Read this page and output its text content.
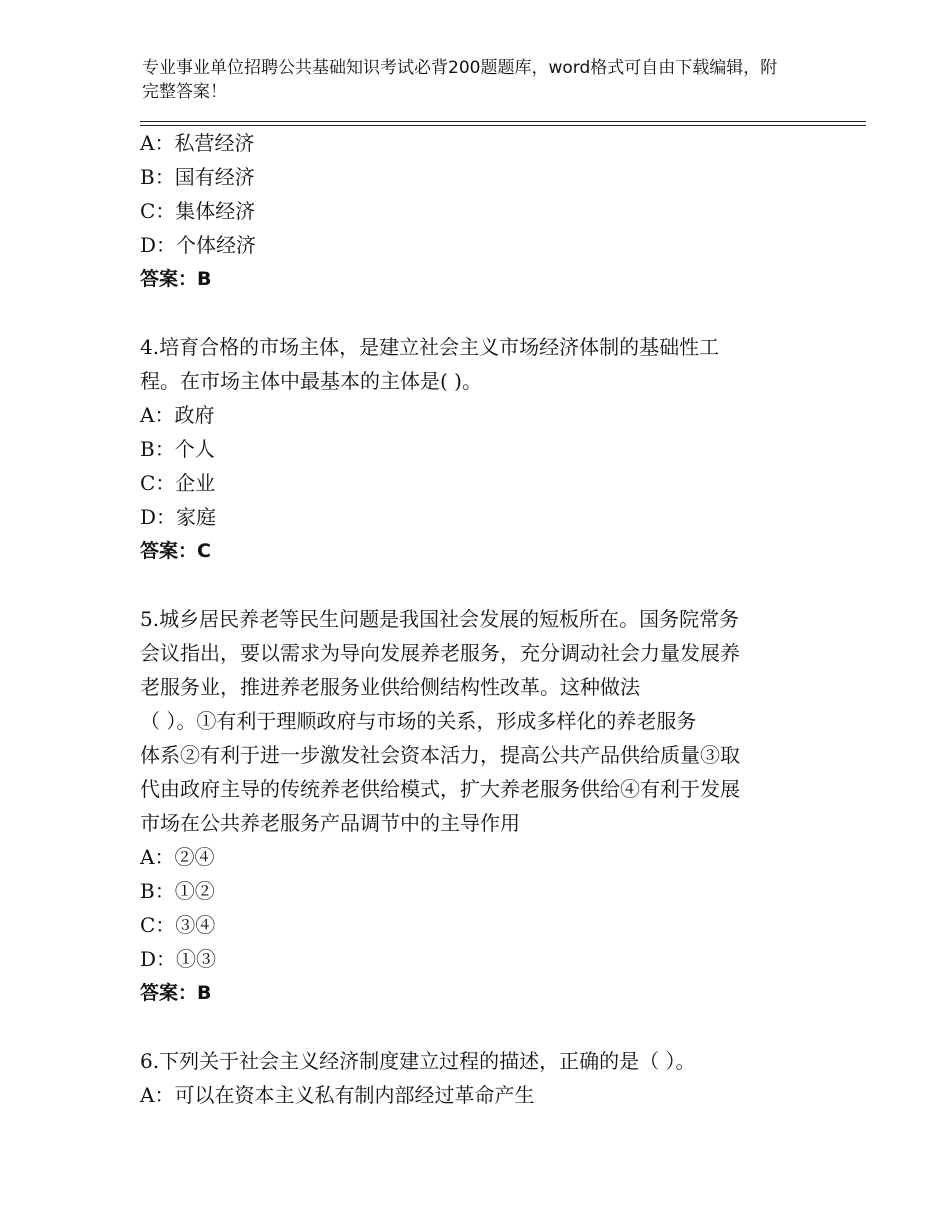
专业事业单位招聘公共基础知识考试必背200题题库，word格式可自由下载编辑，附完整答案！
A：私营经济
B：国有经济
C：集体经济
D：个体经济
答案：B
4.培育合格的市场主体，是建立社会主义市场经济体制的基础性工
程。在市场主体中最基本的主体是( )。
A：政府
B：个人
C：企业
D：家庭
答案：C
5.城乡居民养老等民生问题是我国社会发展的短板所在。国务院常务
会议指出，要以需求为导向发展养老服务，充分调动社会力量发展养
老服务业，推进养老服务业供给侧结构性改革。这种做法
（ ）。①有利于理顺政府与市场的关系，形成多样化的养老服务
体系②有利于进一步激发社会资本活力，提高公共产品供给质量③取
代由政府主导的传统养老供给模式，扩大养老服务供给④有利于发展
市场在公共养老服务产品调节中的主导作用
A：②④
B：①②
C：③④
D：①③
答案：B
6.下列关于社会主义经济制度建立过程的描述，正确的是（ ）。
A：可以在资本主义私有制内部经过革命产生
